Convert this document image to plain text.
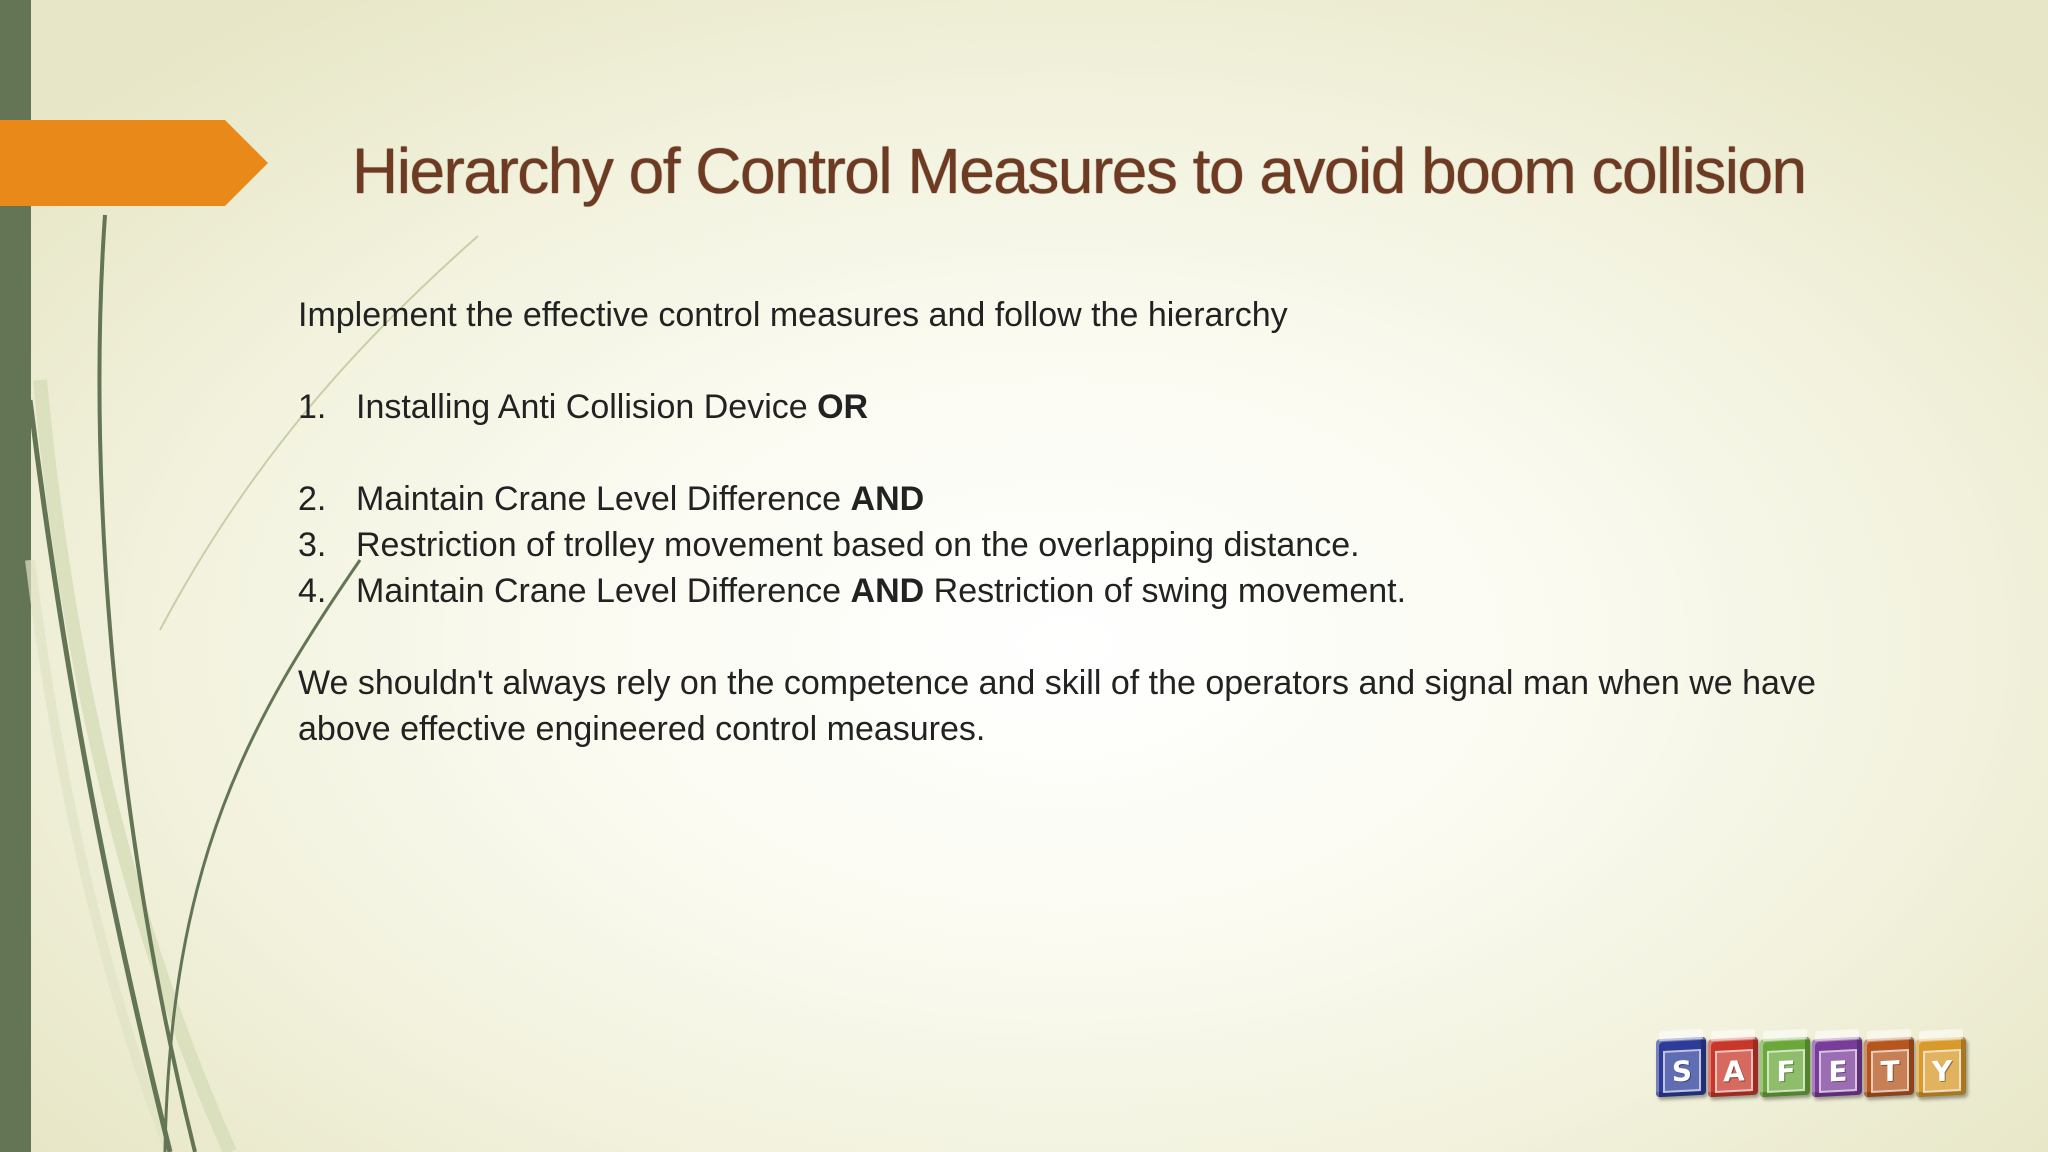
Hierarchy of Control Measures to avoid boom collision

Implement the effective control measures and follow the hierarchy

1. Installing Anti Collision Device OR
2. Maintain Crane Level Difference AND
3. Restriction of trolley movement based on the overlapping distance.
4. Maintain Crane Level Difference AND Restriction of swing movement.

We shouldn't always rely on the competence and skill of the operators and signal man when we have above effective engineered control measures.

S	A	F	E	T	Y
